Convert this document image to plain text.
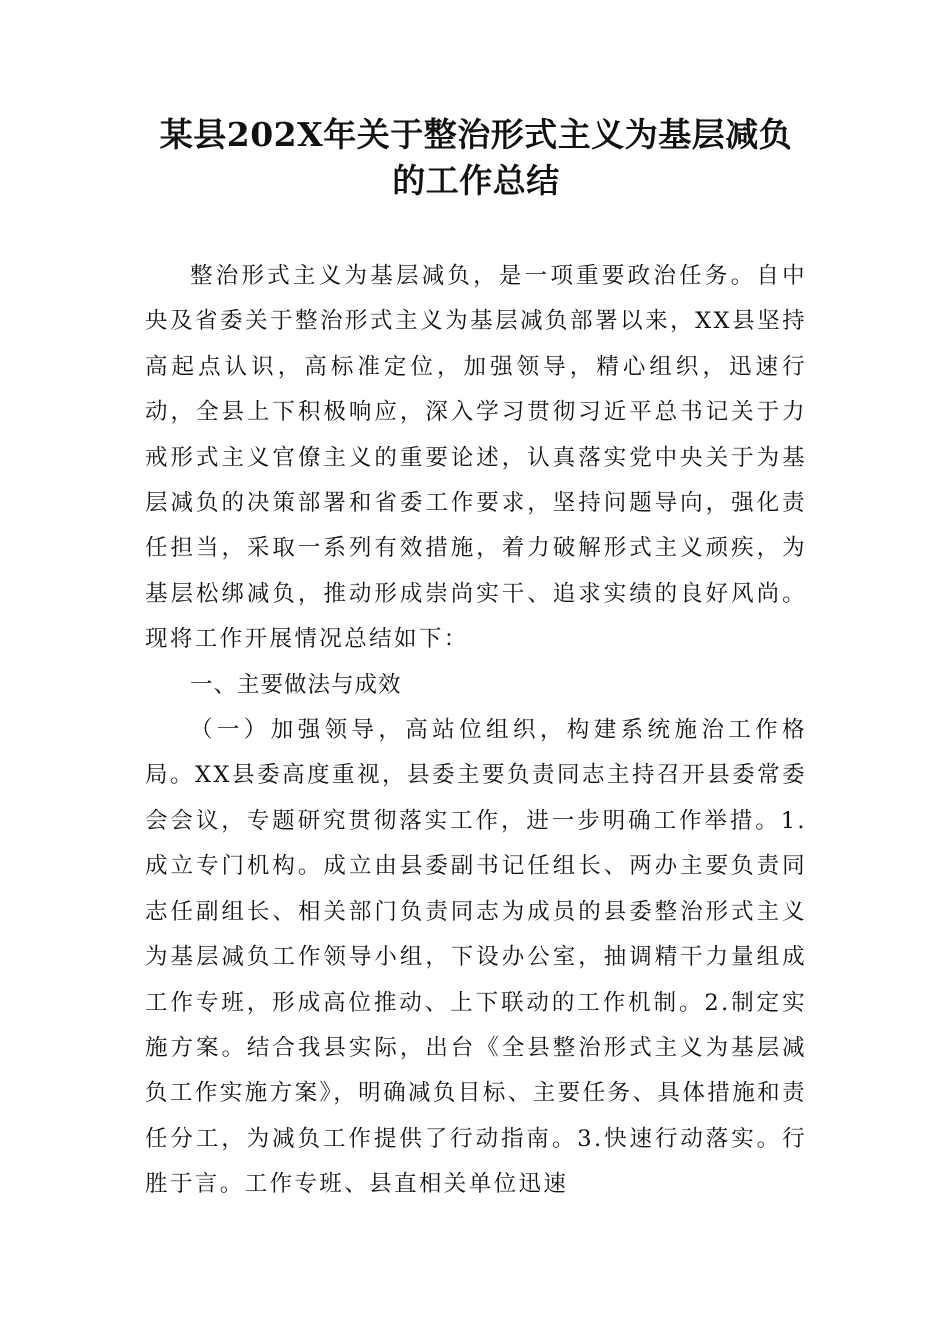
某县202X年关于整治形式主义为基层减负
的工作总结

整治形式主义为基层减负，是一项重要政治任务。自中央及省委关于整治形式主义为基层减负部署以来，XX县坚持高起点认识，高标准定位，加强领导，精心组织，迅速行动，全县上下积极响应，深入学习贯彻习近平总书记关于力戒形式主义官僚主义的重要论述，认真落实党中央关于为基层减负的决策部署和省委工作要求，坚持问题导向，强化责任担当，采取一系列有效措施，着力破解形式主义顽疾，为基层松绑减负，推动形成崇尚实干、追求实绩的良好风尚。现将工作开展情况总结如下：

一、主要做法与成效

（一）加强领导，高站位组织，构建系统施治工作格局。XX县委高度重视，县委主要负责同志主持召开县委常委会会议，专题研究贯彻落实工作，进一步明确工作举措。1.成立专门机构。成立由县委副书记任组长、两办主要负责同志任副组长、相关部门负责同志为成员的县委整治形式主义为基层减负工作领导小组，下设办公室，抽调精干力量组成工作专班，形成高位推动、上下联动的工作机制。2.制定实施方案。结合我县实际，出台《全县整治形式主义为基层减负工作实施方案》，明确减负目标、主要任务、具体措施和责任分工，为减负工作提供了行动指南。3.快速行动落实。行胜于言。工作专班、县直相关单位迅速
